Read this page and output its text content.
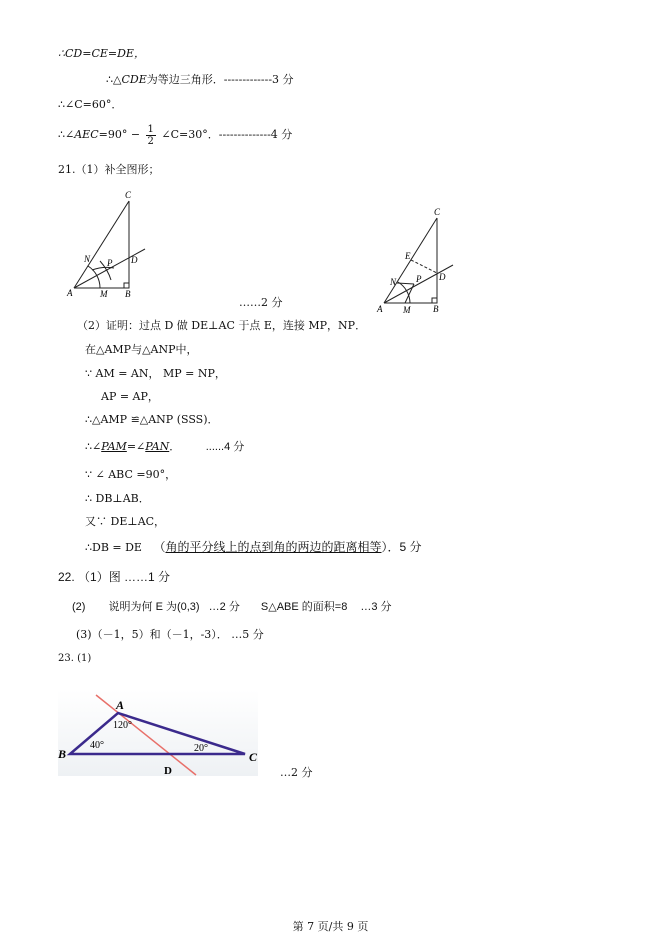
∴CD=CE=DE，
∴△CDE为等边三角形．-------------3 分
∴∠C=60°．
∴∠AEC=90° − $\frac{1}{2}$ ∠C=30°．--------------4 分
21.（1）补全图形；
C
N P D
A	M B
C
E
N P D
A M	B
……2 分
（2）证明：过点 D 做 DE⊥AC 于点 E，连接 MP，NP．
在△AMP与△ANP中，
∵ AM = AN， MP = NP，
AP = AP，
∴△AMP ≌△ANP (SSS)．
∴∠PAM=∠PAN． ......4 分
∵ ∠ ABC =90°，
∴ DB⊥AB．
又∵ DE⊥AC，
∴DB = DE （角的平分线上的点到角的两边的距离相等）．5 分
22. （1）图 ……1 分
(2) 说明为何 E 为(0,3) …2 分 S△ABE 的面积=8 …3 分
(3)（－1，5）和（－1，-3）． …5 分
23. (1)
A
B	C
D
120°
40°	20°
…2 分
第 7 页/共 9 页
